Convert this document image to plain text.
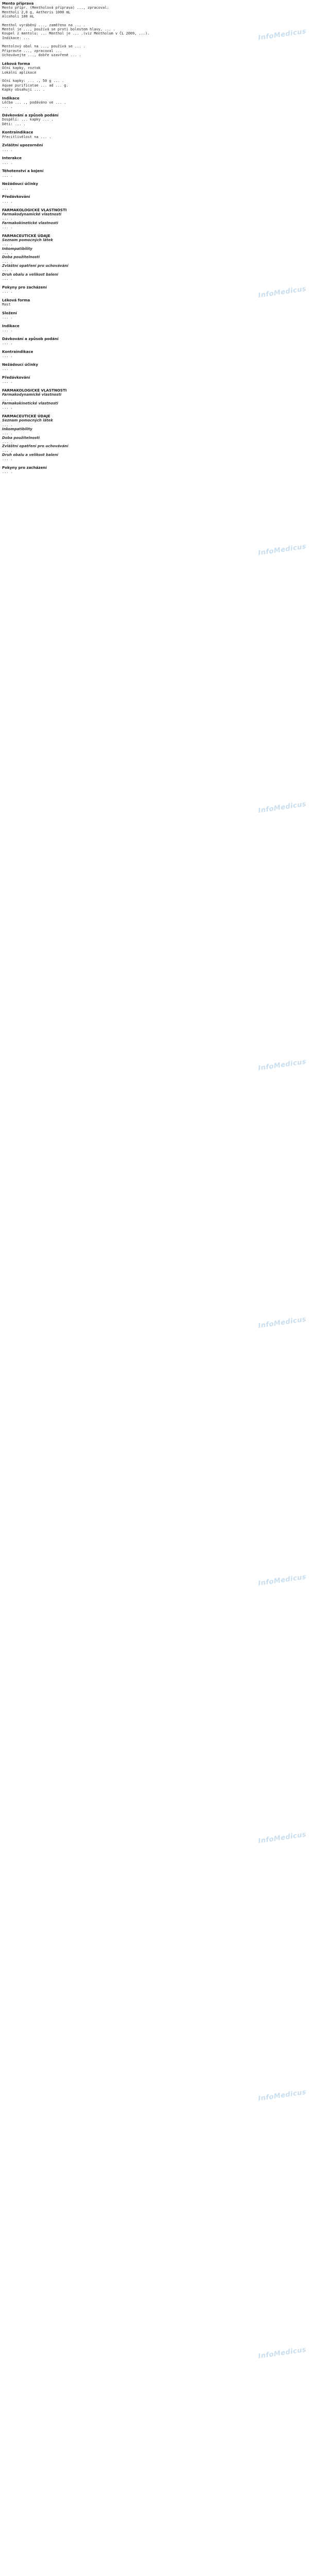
Mento příprava
Mento přípr. (Mentholová příprava) ..., zpracoval:
Mentholi 2,0 g, Aetheris 1000 mL
Alcoholi 100 mL
Menthol vyráběný ..., zaměřeno na ... .
Mentol je ..., používá se proti bolestem hlavy, ... .
Koupel z mentolu: ... Menthol je ... .(viz Mentholum v ČL 2009, ...).
Indikace: ...
Mentolový obal na ..., používá se ... .
Připravte ..., zpracoval ...
Uchovávejte ..., dobře uzavřené ... .
Léková forma
Oční kapky, roztok
Lokální aplikace
Oční kapky: ... ., 50 g ... .
Aquae purificatae ... ad ... g.
Kapky obsahují ... .
Indikace
Léčba ... ., podáváno ve ... .
... .
Dávkování a způsob podání
Dospělí: ... kapky ... .
Děti: ... .
Kontraindikace
Přecitlivělost na ... .
Zvláštní upozornění
... .
Interakce
... .
Těhotenství a kojení
... .
Nežádoucí účinky
... .
Předávkování
... .
FARMAKOLOGICKÉ VLASTNOSTI
Farmakodynamické vlastnosti
... .
Farmakokinetické vlastnosti
... .
FARMACEUTICKÉ ÚDAJE
Seznam pomocných látek
... .
Inkompatibility
... .
Doba použitelnosti
... .
Zvláštní opatření pro uchovávání
... .
Druh obalu a velikost balení
... .
Pokyny pro zacházení
... .
Léková forma
Mast
Složení
... .
Indikace
... .
Dávkování a způsob podání
... .
Kontraindikace
... .
Nežádoucí účinky
... .
Předávkování
... .
FARMAKOLOGICKÉ VLASTNOSTI
Farmakodynamické vlastnosti
... .
Farmakokinetické vlastnosti
... .
FARMACEUTICKÉ ÚDAJE
Seznam pomocných látek
... .
Inkompatibility
... .
Doba použitelnosti
... .
Zvláštní opatření pro uchovávání
... .
Druh obalu a velikost balení
... .
Pokyny pro zacházení
... .
InfoMedicus
InfoMedicus
InfoMedicus
InfoMedicus
InfoMedicus
InfoMedicus
InfoMedicus
InfoMedicus
InfoMedicus
InfoMedicus
